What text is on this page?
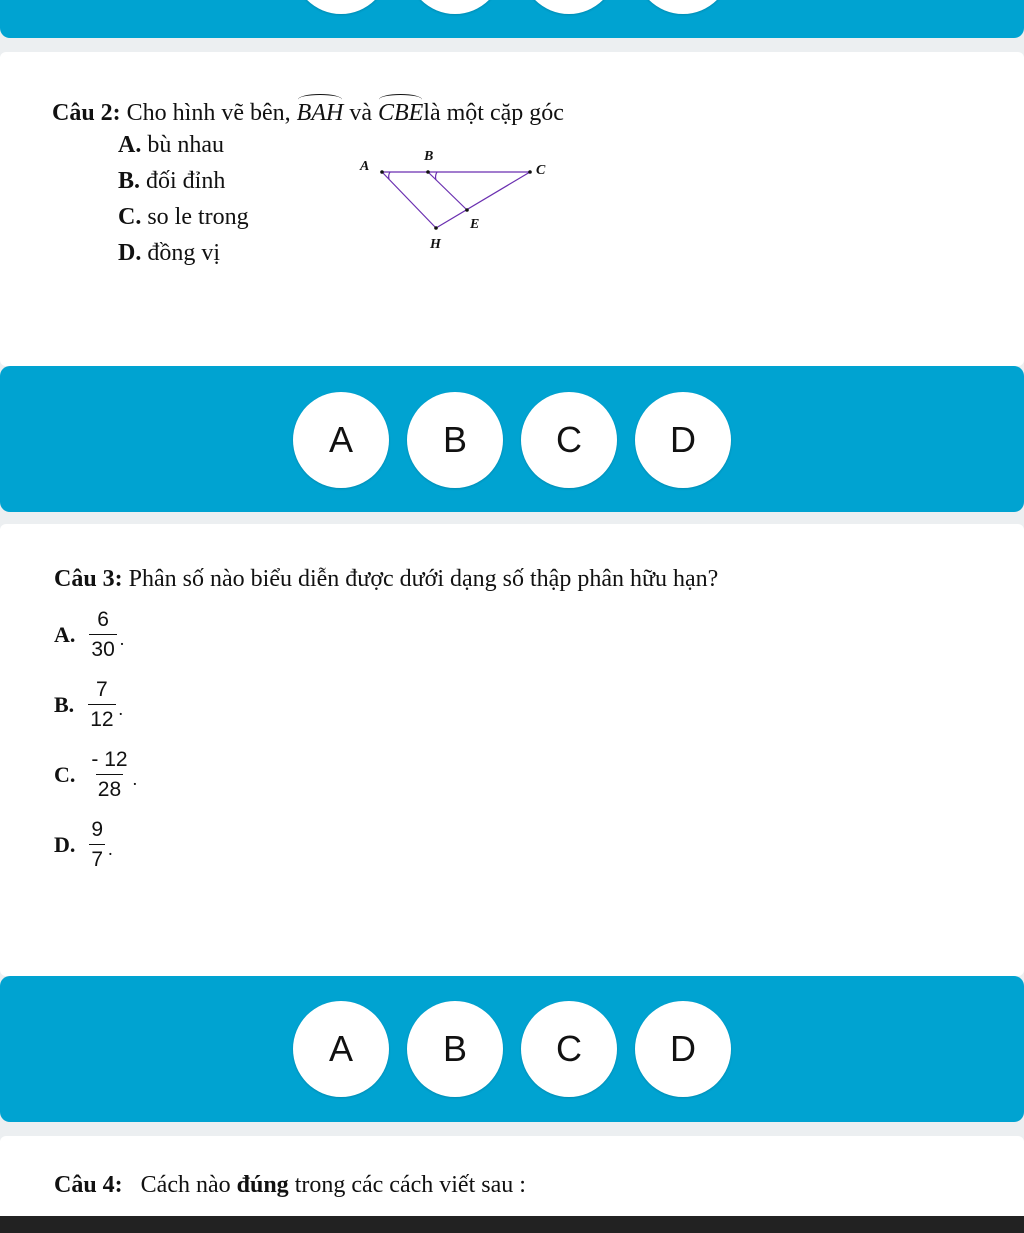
Câu 2: Cho hình vẽ bên, BAH và CBElà một cặp góc
A. bù nhau
B. đối đỉnh
C. so le trong
D. đồng vị
A
B
C
E
H
A	B	C	D
Câu 3: Phân số nào biểu diễn được dưới dạng số thập phân hữu hạn?
A. $\frac{6}{30}$ .
B. $\frac{7}{12}$ .
C. $\frac{- 12}{28}$ .
D. $\frac{9}{7}$ .
A	B	C	D
Câu 4: Cách nào đúng trong các cách viết sau :
